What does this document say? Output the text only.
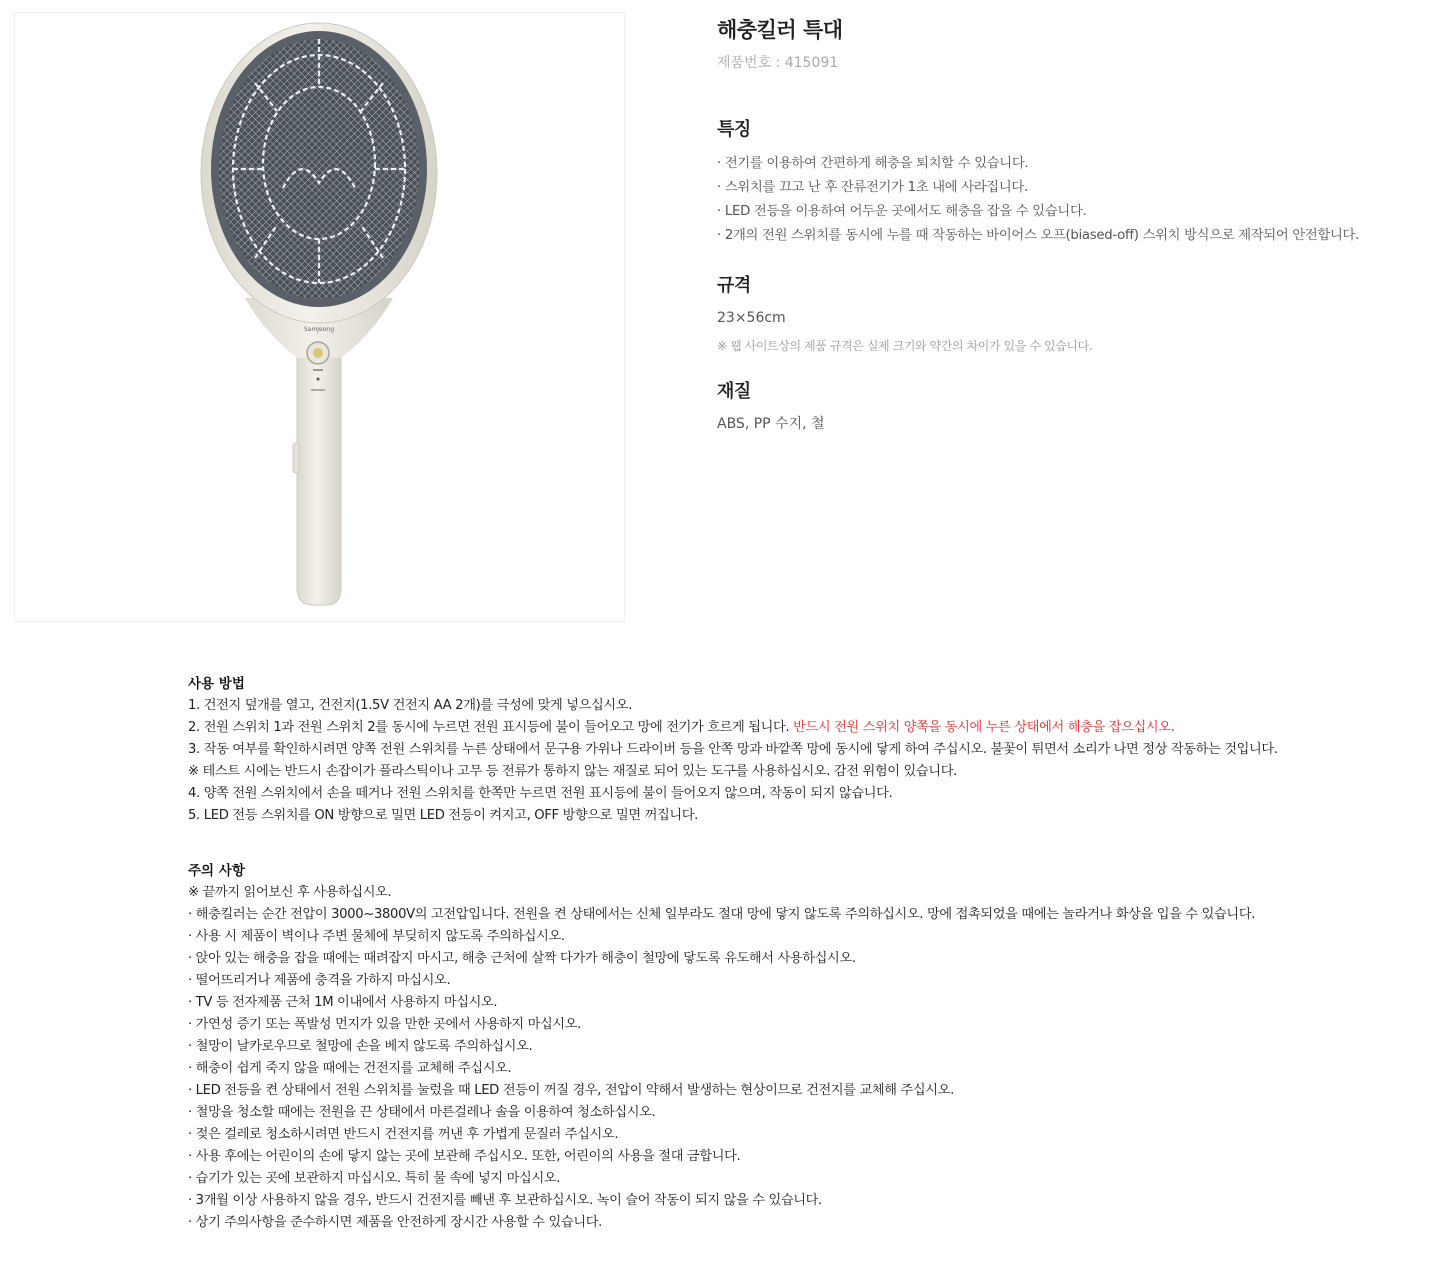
SamJeong
해충킬러 특대
제품번호 : 415091
특징
· 전기를 이용하여 간편하게 해충을 퇴치할 수 있습니다.
· 스위치를 끄고 난 후 잔류전기가 1초 내에 사라집니다.
· LED 전등을 이용하여 어두운 곳에서도 해충을 잡을 수 있습니다.
· 2개의 전원 스위치를 동시에 누를 때 작동하는 바이어스 오프(biased-off) 스위치 방식으로 제작되어 안전합니다.
규격
23×56cm
※ 웹 사이트상의 제품 규격은 실제 크기와 약간의 차이가 있을 수 있습니다.
재질
ABS, PP 수지, 철
사용 방법
1. 건전지 덮개를 열고, 건전지(1.5V 건전지 AA 2개)를 극성에 맞게 넣으십시오.
2. 전원 스위치 1과 전원 스위치 2를 동시에 누르면 전원 표시등에 불이 들어오고 망에 전기가 흐르게 됩니다. 반드시 전원 스위치 양쪽을 동시에 누른 상태에서 해충을 잡으십시오.
3. 작동 여부를 확인하시려면 양쪽 전원 스위치를 누른 상태에서 문구용 가위나 드라이버 등을 안쪽 망과 바깥쪽 망에 동시에 닿게 하여 주십시오. 불꽃이 튀면서 소리가 나면 정상 작동하는 것입니다.
※ 테스트 시에는 반드시 손잡이가 플라스틱이나 고무 등 전류가 통하지 않는 재질로 되어 있는 도구를 사용하십시오. 감전 위험이 있습니다.
4. 양쪽 전원 스위치에서 손을 떼거나 전원 스위치를 한쪽만 누르면 전원 표시등에 불이 들어오지 않으며, 작동이 되지 않습니다.
5. LED 전등 스위치를 ON 방향으로 밀면 LED 전등이 켜지고, OFF 방향으로 밀면 꺼집니다.
주의 사항
※ 끝까지 읽어보신 후 사용하십시오.
· 해충킬러는 순간 전압이 3000~3800V의 고전압입니다. 전원을 켠 상태에서는 신체 일부라도 절대 망에 닿지 않도록 주의하십시오. 망에 접촉되었을 때에는 놀라거나 화상을 입을 수 있습니다.
· 사용 시 제품이 벽이나 주변 물체에 부딪히지 않도록 주의하십시오.
· 앉아 있는 해충을 잡을 때에는 때려잡지 마시고, 해충 근처에 살짝 다가가 해충이 철망에 닿도록 유도해서 사용하십시오.
· 떨어뜨리거나 제품에 충격을 가하지 마십시오.
· TV 등 전자제품 근처 1M 이내에서 사용하지 마십시오.
· 가연성 증기 또는 폭발성 먼지가 있을 만한 곳에서 사용하지 마십시오.
· 철망이 날카로우므로 철망에 손을 베지 않도록 주의하십시오.
· 해충이 쉽게 죽지 않을 때에는 건전지를 교체해 주십시오.
· LED 전등을 켠 상태에서 전원 스위치를 눌렀을 때 LED 전등이 꺼질 경우, 전압이 약해서 발생하는 현상이므로 건전지를 교체해 주십시오.
· 철망을 청소할 때에는 전원을 끈 상태에서 마른걸레나 솔을 이용하여 청소하십시오.
· 젖은 걸레로 청소하시려면 반드시 건전지를 꺼낸 후 가볍게 문질러 주십시오.
· 사용 후에는 어린이의 손에 닿지 않는 곳에 보관해 주십시오. 또한, 어린이의 사용을 절대 금합니다.
· 습기가 있는 곳에 보관하지 마십시오. 특히 물 속에 넣지 마십시오.
· 3개월 이상 사용하지 않을 경우, 반드시 건전지를 빼낸 후 보관하십시오. 녹이 슬어 작동이 되지 않을 수 있습니다.
· 상기 주의사항을 준수하시면 제품을 안전하게 장시간 사용할 수 있습니다.
